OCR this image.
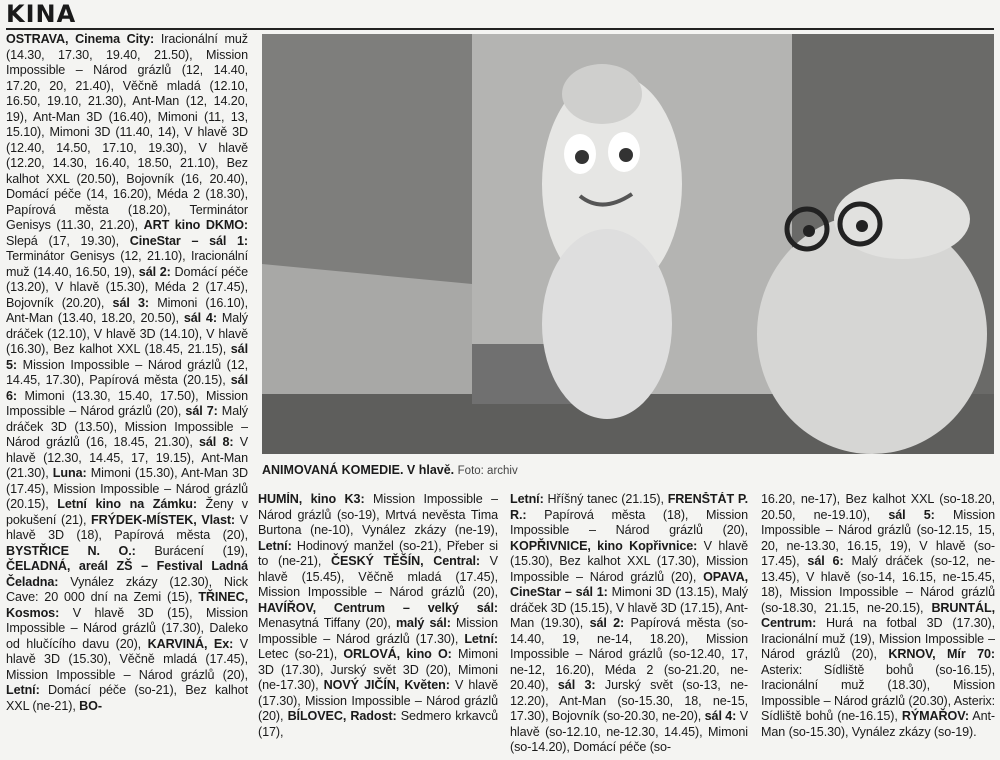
KINA
OSTRAVA, Cinema City: Iracionální muž (14.30, 17.30, 19.40, 21.50), Mission Impossible – Národ grázlů (12, 14.40, 17.20, 20, 21.40), Věčně mladá (12.10, 16.50, 19.10, 21.30), Ant-Man (12, 14.20, 19), Ant-Man 3D (16.40), Mimoni (11, 13, 15.10), Mimoni 3D (11.40, 14), V hlavě 3D (12.40, 14.50, 17.10, 19.30), V hlavě (12.20, 14.30, 16.40, 18.50, 21.10), Bez kalhot XXL (20.50), Bojovník (16, 20.40), Domácí péče (14, 16.20), Méda 2 (18.30), Papírová města (18.20), Terminátor Genisys (11.30, 21.20), ART kino DKMO: Slepá (17, 19.30), CineStar – sál 1: Terminátor Genisys (12, 21.10), Iracionální muž (14.40, 16.50, 19), sál 2: Domácí péče (13.20), V hlavě (15.30), Méda 2 (17.45), Bojovník (20.20), sál 3: Mimoni (16.10), Ant-Man (13.40, 18.20, 20.50), sál 4: Malý dráček (12.10), V hlavě 3D (14.10), V hlavě (16.30), Bez kalhot XXL (18.45, 21.15), sál 5: Mission Impossible – Národ grázlů (12, 14.45, 17.30), Papírová města (20.15), sál 6: Mimoni (13.30, 15.40, 17.50), Mission Impossible – Národ grázlů (20), sál 7: Malý dráček 3D (13.50), Mission Impossible – Národ grázlů (16, 18.45, 21.30), sál 8: V hlavě (12.30, 14.45, 17, 19.15), Ant-Man (21.30), Luna: Mimoni (15.30), Ant-Man 3D (17.45), Mission Impossible – Národ grázlů (20.15), Letní kino na Zámku: Ženy v pokušení (21), FRÝDEK-MÍSTEK, Vlast: V hlavě 3D (18), Papírová města (20), BYSTŘICE N. O.: Burácení (19), ČELADNÁ, areál ZŠ – Festival Ladná Čeladna: Vynález zkázy (12.30), Nick Cave: 20 000 dní na Zemi (15), TŘINEC, Kosmos: V hlavě 3D (15), Mission Impossible – Národ grázlů (17.30), Daleko od hlučícího davu (20), KARVINÁ, Ex: V hlavě 3D (15.30), Věčně mladá (17.45), Mission Impossible – Národ grázlů (20), Letní: Domácí péče (so-21), Bez kalhot XXL (ne-21), BO-
ANIMOVANÁ KOMEDIE. V hlavě. Foto: archiv
HUMÍN, kino K3: Mission Impossible – Národ grázlů (so-19), Mrtvá nevěsta Tima Burtona (ne-10), Vynález zkázy (ne-19), Letní: Hodinový manžel (so-21), Přeber si to (ne-21), ČESKÝ TĚŠÍN, Central: V hlavě (15.45), Věčně mladá (17.45), Mission Impossible – Národ grázlů (20), HAVÍŘOV, Centrum – velký sál: Menasytná Tiffany (20), malý sál: Mission Impossible – Národ grázlů (17.30), Letní: Letec (so-21), ORLOVÁ, kino O: Mimoni 3D (17.30), Jurský svět 3D (20), Mimoni (ne-17.30), NOVÝ JIČÍN, Květen: V hlavě (17.30), Mission Impossible – Národ grázlů (20), BÍLOVEC, Radost: Sedmero krkavců (17),
Letní: Hříšný tanec (21.15), FRENŠTÁT P. R.: Papírová města (18), Mission Impossible – Národ grázlů (20), KOPŘIVNICE, kino Kopřivnice: V hlavě (15.30), Bez kalhot XXL (17.30), Mission Impossible – Národ grázlů (20), OPAVA, CineStar – sál 1: Mimoni 3D (13.15), Malý dráček 3D (15.15), V hlavě 3D (17.15), Ant-Man (19.30), sál 2: Papírová města (so-14.40, 19, ne-14, 18.20), Mission Impossible – Národ grázlů (so-12.40, 17, ne-12, 16.20), Méda 2 (so-21.20, ne-20.40), sál 3: Jurský svět (so-13, ne-12.20), Ant-Man (so-15.30, 18, ne-15, 17.30), Bojovník (so-20.30, ne-20), sál 4: V hlavě (so-12.10, ne-12.30, 14.45), Mimoni (so-14.20), Domácí péče (so-
16.20, ne-17), Bez kalhot XXL (so-18.20, 20.50, ne-19.10), sál 5: Mission Impossible – Národ grázlů (so-12.15, 15, 20, ne-13.30, 16.15, 19), V hlavě (so-17.45), sál 6: Malý dráček (so-12, ne-13.45), V hlavě (so-14, 16.15, ne-15.45, 18), Mission Impossible – Národ grázlů (so-18.30, 21.15, ne-20.15), BRUNTÁL, Centrum: Hurá na fotbal 3D (17.30), Iracionální muž (19), Mission Impossible – Národ grázlů (20), KRNOV, Mír 70: Asterix: Sídliště bohů (so-16.15), Iracionální muž (18.30), Mission Impossible – Národ grázlů (20.30), Asterix: Sídliště bohů (ne-16.15), RÝMAŘOV: Ant-Man (so-15.30), Vynález zkázy (so-19).
